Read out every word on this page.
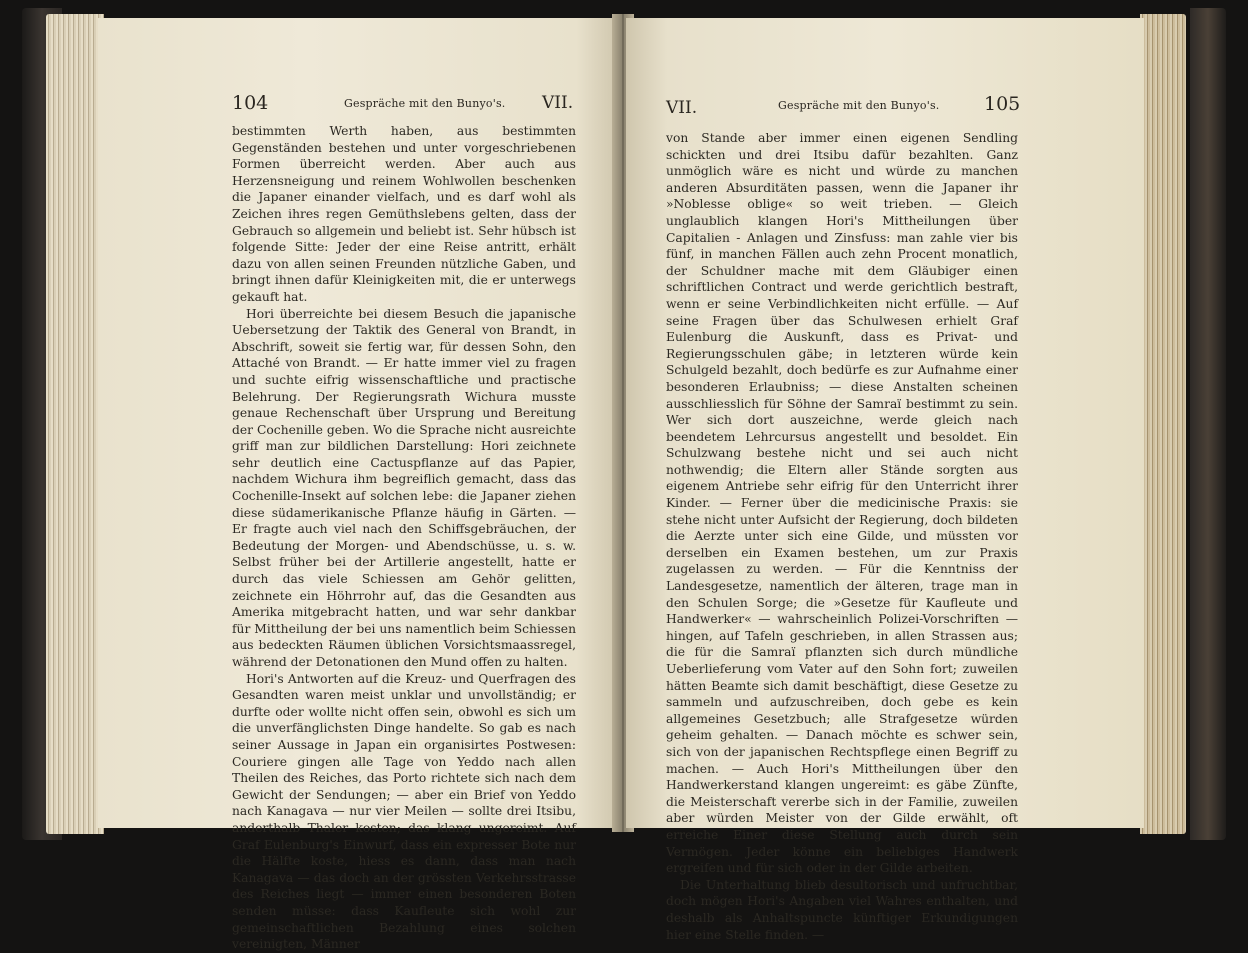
104	Gespräche mit den Bunyo's. VII.

bestimmten Werth haben, aus bestimmten Gegenständen bestehen und unter vorgeschriebenen Formen überreicht werden. Aber auch aus Herzensneigung und reinem Wohlwollen beschenken die Japaner einander vielfach, und es darf wohl als Zeichen ihres regen Gemüthslebens gelten, dass der Gebrauch so allgemein und beliebt ist. Sehr hübsch ist folgende Sitte: Jeder der eine Reise antritt, erhält dazu von allen seinen Freunden nützliche Gaben, und bringt ihnen dafür Kleinigkeiten mit, die er unterwegs gekauft hat.

Hori überreichte bei diesem Besuch die japanische Uebersetzung der Taktik des General von Brandt, in Abschrift, soweit sie fertig war, für dessen Sohn, den Attaché von Brandt. — Er hatte immer viel zu fragen und suchte eifrig wissenschaftliche und practische Belehrung. Der Regierungsrath Wichura musste genaue Rechenschaft über Ursprung und Bereitung der Cochenille geben. Wo die Sprache nicht ausreichte griff man zur bildlichen Darstellung: Hori zeichnete sehr deutlich eine Cactuspflanze auf das Papier, nachdem Wichura ihm begreiflich gemacht, dass das Cochenille-Insekt auf solchen lebe: die Japaner ziehen diese südamerikanische Pflanze häufig in Gärten. — Er fragte auch viel nach den Schiffsgebräuchen, der Bedeutung der Morgen- und Abendschüsse, u. s. w. Selbst früher bei der Artillerie angestellt, hatte er durch das viele Schiessen am Gehör gelitten, zeichnete ein Höhrrohr auf, das die Gesandten aus Amerika mitgebracht hatten, und war sehr dankbar für Mittheilung der bei uns namentlich beim Schiessen aus bedeckten Räumen üblichen Vorsichtsmaassregel, während der Detonationen den Mund offen zu halten.

Hori's Antworten auf die Kreuz- und Querfragen des Gesandten waren meist unklar und unvollständig; er durfte oder wollte nicht offen sein, obwohl es sich um die unverfänglichsten Dinge handelte. So gab es nach seiner Aussage in Japan ein organisirtes Postwesen: Couriere gingen alle Tage von Yeddo nach allen Theilen des Reiches, das Porto richtete sich nach dem Gewicht der Sendungen; — aber ein Brief von Yeddo nach Kanagava — nur vier Meilen — sollte drei Itsibu, anderthalb Thaler kosten; das klang ungereimt. Auf Graf Eulenburg's Einwurf, dass ein expresser Bote nur die Hälfte koste, hiess es dann, dass man nach Kanagava — das doch an der grössten Verkehrsstrasse des Reiches liegt — immer einen besonderen Boten senden müsse: dass Kaufleute sich wohl zur gemeinschaftlichen Bezahlung eines solchen vereinigten, Männer

VII.	Gespräche mit den Bunyo's. 105

von Stande aber immer einen eigenen Sendling schickten und drei Itsibu dafür bezahlten. Ganz unmöglich wäre es nicht und würde zu manchen anderen Absurditäten passen, wenn die Japaner ihr »Noblesse oblige« so weit trieben. — Gleich unglaublich klangen Hori's Mittheilungen über Capitalien - Anlagen und Zinsfuss: man zahle vier bis fünf, in manchen Fällen auch zehn Procent monatlich, der Schuldner mache mit dem Gläubiger einen schriftlichen Contract und werde gerichtlich bestraft, wenn er seine Verbindlichkeiten nicht erfülle. — Auf seine Fragen über das Schulwesen erhielt Graf Eulenburg die Auskunft, dass es Privat- und Regierungsschulen gäbe; in letzteren würde kein Schulgeld bezahlt, doch bedürfe es zur Aufnahme einer besonderen Erlaubniss; — diese Anstalten scheinen ausschliesslich für Söhne der Samraï bestimmt zu sein. Wer sich dort auszeichne, werde gleich nach beendetem Lehrcursus angestellt und besoldet. Ein Schulzwang bestehe nicht und sei auch nicht nothwendig; die Eltern aller Stände sorgten aus eigenem Antriebe sehr eifrig für den Unterricht ihrer Kinder. — Ferner über die medicinische Praxis: sie stehe nicht unter Aufsicht der Regierung, doch bildeten die Aerzte unter sich eine Gilde, und müssten vor derselben ein Examen bestehen, um zur Praxis zugelassen zu werden. — Für die Kenntniss der Landesgesetze, namentlich der älteren, trage man in den Schulen Sorge; die »Gesetze für Kaufleute und Handwerker« — wahrscheinlich Polizei-Vorschriften — hingen, auf Tafeln geschrieben, in allen Strassen aus; die für die Samraï pflanzten sich durch mündliche Ueberlieferung vom Vater auf den Sohn fort; zuweilen hätten Beamte sich damit beschäftigt, diese Gesetze zu sammeln und aufzuschreiben, doch gebe es kein allgemeines Gesetzbuch; alle Strafgesetze würden geheim gehalten. — Danach möchte es schwer sein, sich von der japanischen Rechtspflege einen Begriff zu machen. — Auch Hori's Mittheilungen über den Handwerkerstand klangen ungereimt: es gäbe Zünfte, die Meisterschaft vererbe sich in der Familie, zuweilen aber würden Meister von der Gilde erwählt, oft erreiche Einer diese Stellung auch durch sein Vermögen. Jeder könne ein beliebiges Handwerk ergreifen und für sich oder in der Gilde arbeiten.

Die Unterhaltung blieb desultorisch und unfruchtbar, doch mögen Hori's Angaben viel Wahres enthalten, und deshalb als Anhaltspuncte künftiger Erkundigungen hier eine Stelle finden. —
